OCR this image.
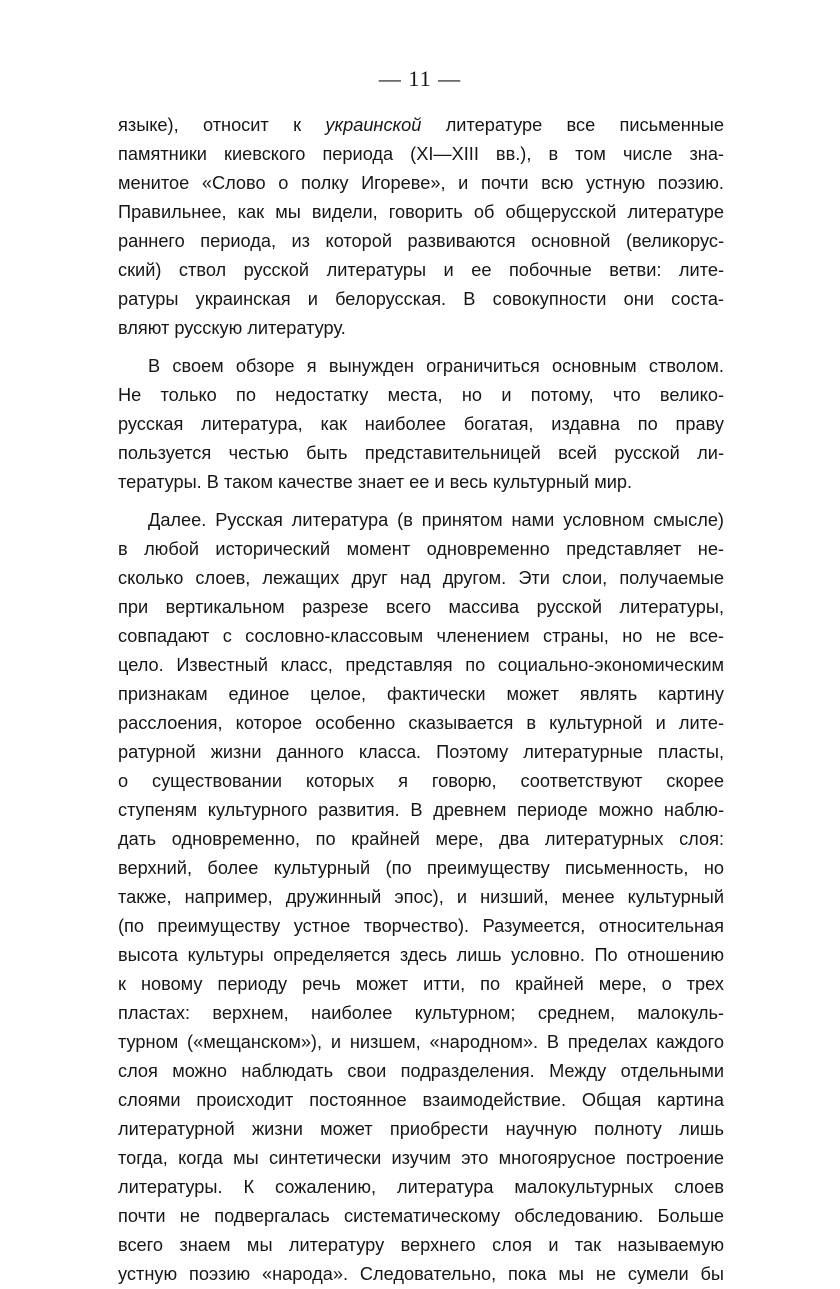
— 11 —
языке), относит к украинской литературе все письменные
памятники киевского периода (XI—XIII вв.), в том числе зна-
менитое «Слово о полку Игореве», и почти всю устную поэзию.
Правильнее, как мы видели, говорить об общерусской литературе
раннего периода, из которой развиваются основной (великорус-
ский) ствол русской литературы и ее побочные ветви: лите-
ратуры украинская и белорусская. В совокупности они соста-
вляют русскую литературу.
В своем обзоре я вынужден ограничиться основным стволом.
Не только по недостатку места, но и потому, что велико-
русская литература, как наиболее богатая, издавна по праву
пользуется честью быть представительницей всей русской ли-
тературы. В таком качестве знает ее и весь культурный мир.
Далее. Русская литература (в принятом нами условном смысле)
в любой исторический момент одновременно представляет не-
сколько слоев, лежащих друг над другом. Эти слои, получаемые
при вертикальном разрезе всего массива русской литературы,
совпадают с сословно-классовым членением страны, но не все-
цело. Известный класс, представляя по социально-экономическим
признакам единое целое, фактически может являть картину
расслоения, которое особенно сказывается в культурной и лите-
ратурной жизни данного класса. Поэтому литературные пласты,
о существовании которых я говорю, соответствуют скорее
ступеням культурного развития. В древнем периоде можно наблю-
дать одновременно, по крайней мере, два литературных слоя:
верхний, более культурный (по преимуществу письменность, но
также, например, дружинный эпос), и низший, менее культурный
(по преимуществу устное творчество). Разумеется, относительная
высота культуры определяется здесь лишь условно. По отношению
к новому периоду речь может итти, по крайней мере, о трех
пластах: верхнем, наиболее культурном; среднем, малокуль-
турном («мещанском»), и низшем, «народном». В пределах каждого
слоя можно наблюдать свои подразделения. Между отдельными
слоями происходит постоянное взаимодействие. Общая картина
литературной жизни может приобрести научную полноту лишь
тогда, когда мы синтетически изучим это многоярусное построение
литературы. К сожалению, литература малокультурных слоев
почти не подвергалась систематическому обследованию. Больше
всего знаем мы литературу верхнего слоя и так называемую
устную поэзию «народа». Следовательно, пока мы не сумели бы
